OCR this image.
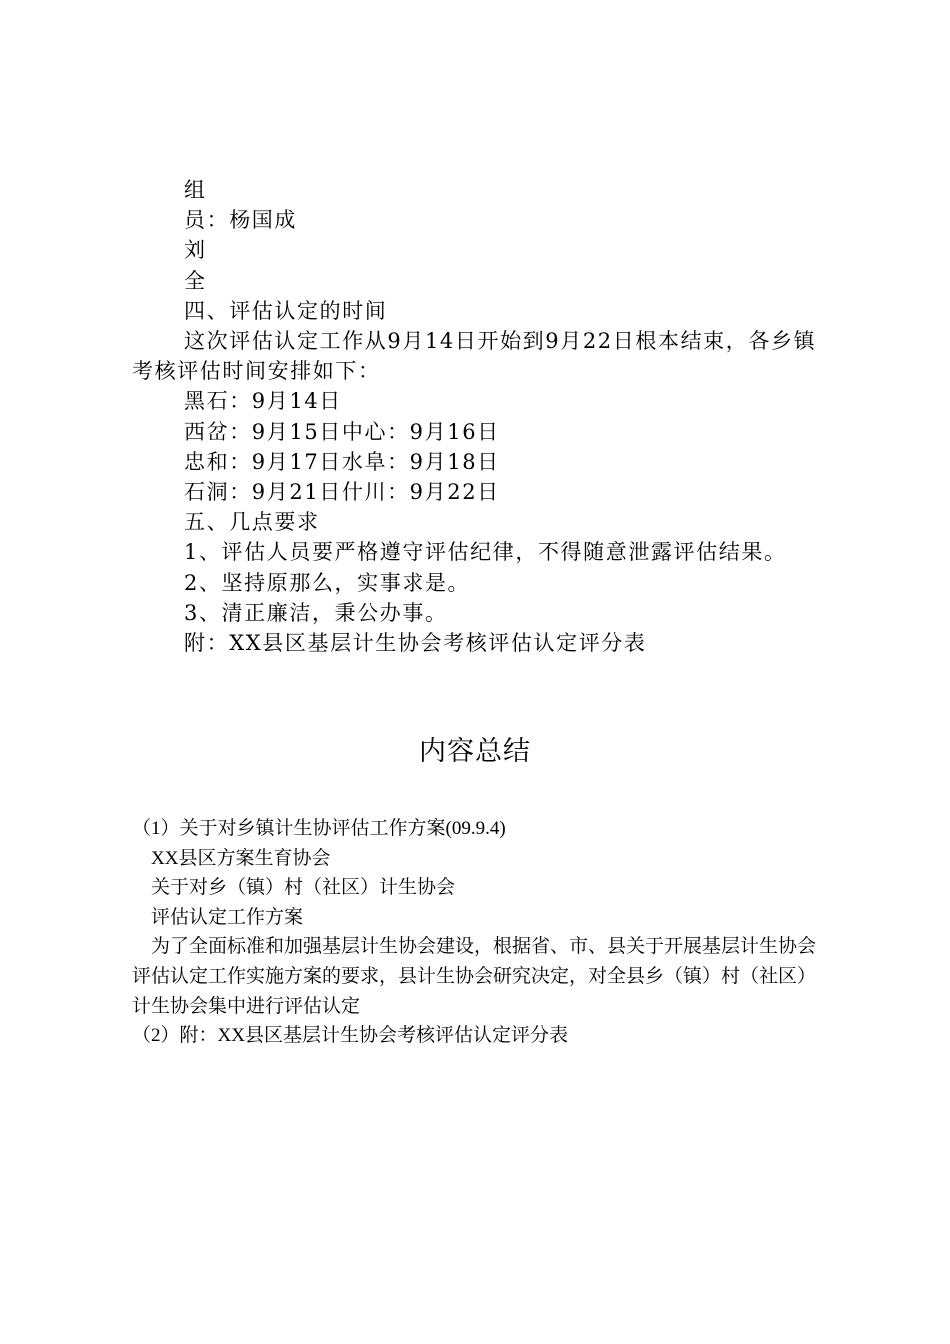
组

员：杨国成

刘

全

四、评估认定的时间

这次评估认定工作从9月14日开始到9月22日根本结束，各乡镇考核评估时间安排如下：

黑石：9月14日

西岔：9月15日中心：9月16日

忠和：9月17日水阜：9月18日

石洞：9月21日什川：9月22日

五、几点要求

1、评估人员要严格遵守评估纪律，不得随意泄露评估结果。

2、坚持原那么，实事求是。

3、清正廉洁，秉公办事。

附：XX县区基层计生协会考核评估认定评分表

内容总结

（1）关于对乡镇计生协评估工作方案(09.9.4)

XX县区方案生育协会

关于对乡（镇）村（社区）计生协会

评估认定工作方案

为了全面标准和加强基层计生协会建设，根据省、市、县关于开展基层计生协会评估认定工作实施方案的要求，县计生协会研究决定，对全县乡（镇）村（社区）计生协会集中进行评估认定

（2）附：XX县区基层计生协会考核评估认定评分表
